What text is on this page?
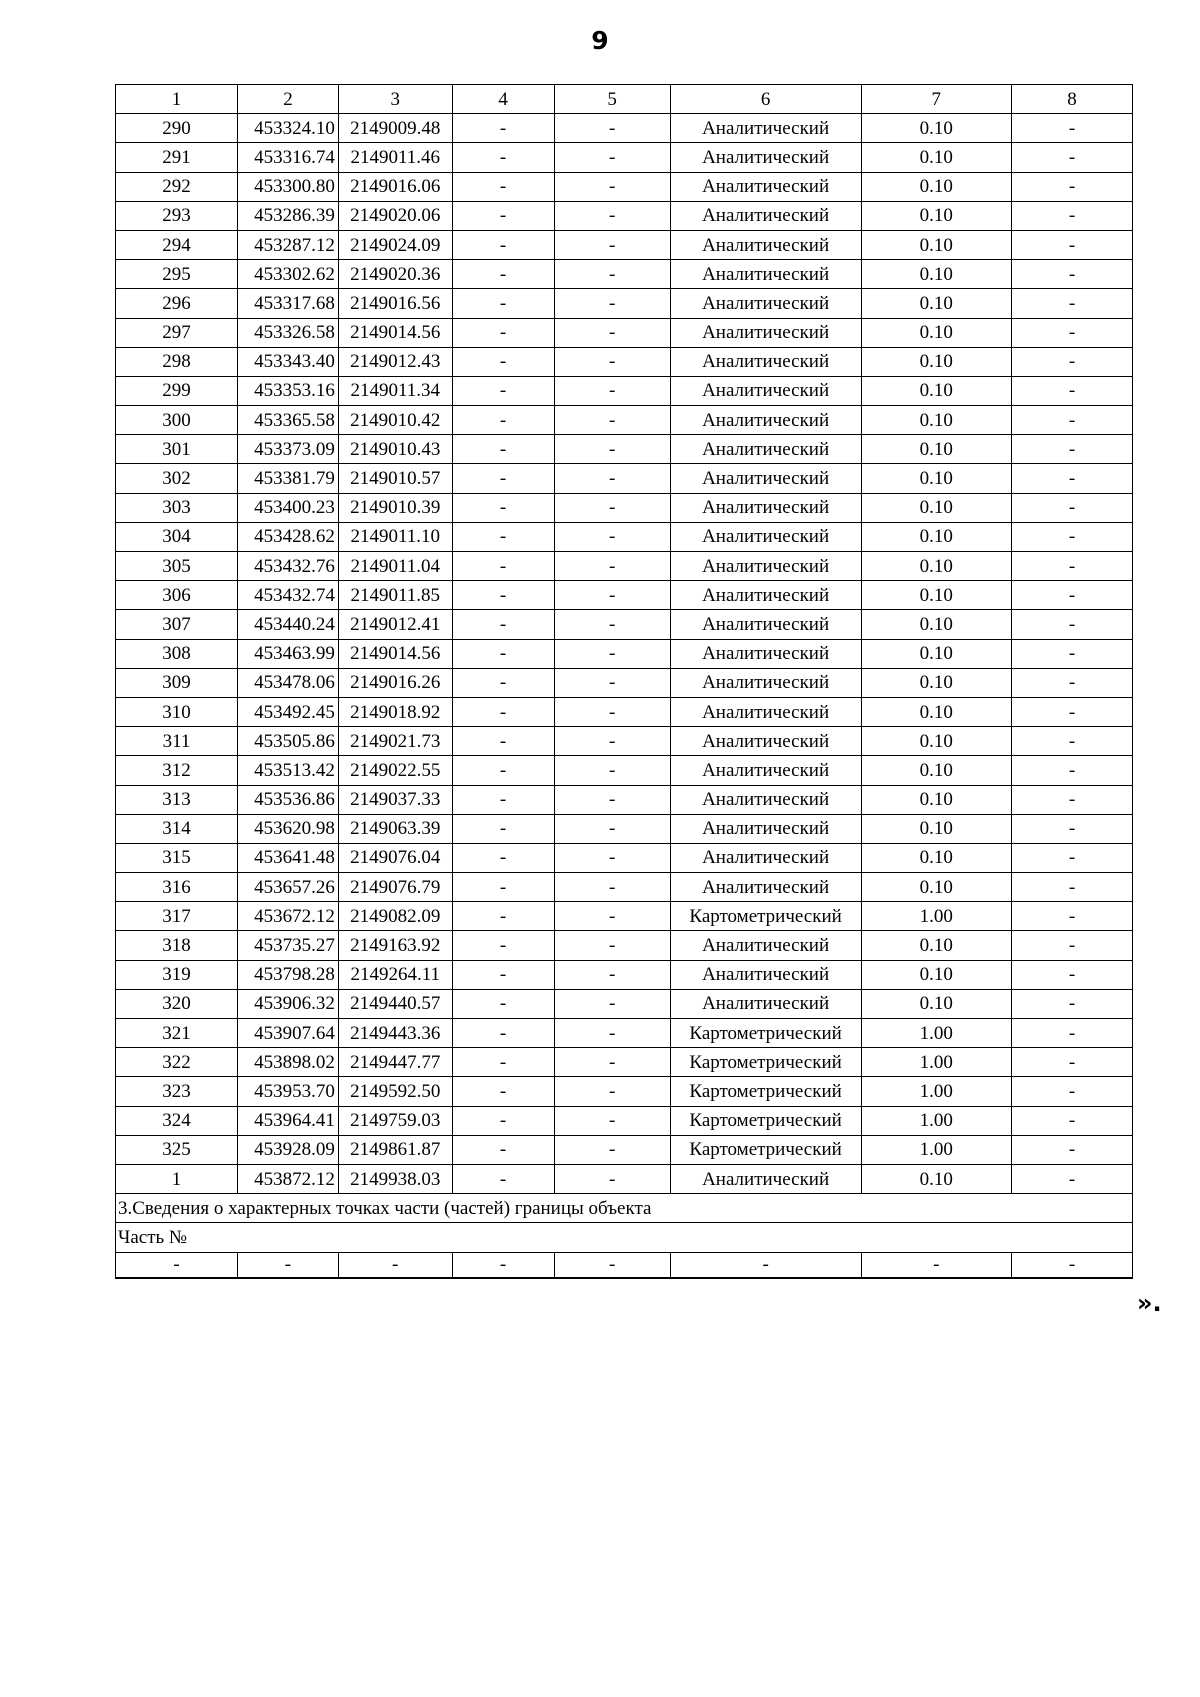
9
1	2	3	4	5	6	7	8
290	453324.10	2149009.48	-	-	Аналитический	0.10	-
291	453316.74	2149011.46	-	-	Аналитический	0.10	-
292	453300.80	2149016.06	-	-	Аналитический	0.10	-
293	453286.39	2149020.06	-	-	Аналитический	0.10	-
294	453287.12	2149024.09	-	-	Аналитический	0.10	-
295	453302.62	2149020.36	-	-	Аналитический	0.10	-
296	453317.68	2149016.56	-	-	Аналитический	0.10	-
297	453326.58	2149014.56	-	-	Аналитический	0.10	-
298	453343.40	2149012.43	-	-	Аналитический	0.10	-
299	453353.16	2149011.34	-	-	Аналитический	0.10	-
300	453365.58	2149010.42	-	-	Аналитический	0.10	-
301	453373.09	2149010.43	-	-	Аналитический	0.10	-
302	453381.79	2149010.57	-	-	Аналитический	0.10	-
303	453400.23	2149010.39	-	-	Аналитический	0.10	-
304	453428.62	2149011.10	-	-	Аналитический	0.10	-
305	453432.76	2149011.04	-	-	Аналитический	0.10	-
306	453432.74	2149011.85	-	-	Аналитический	0.10	-
307	453440.24	2149012.41	-	-	Аналитический	0.10	-
308	453463.99	2149014.56	-	-	Аналитический	0.10	-
309	453478.06	2149016.26	-	-	Аналитический	0.10	-
310	453492.45	2149018.92	-	-	Аналитический	0.10	-
311	453505.86	2149021.73	-	-	Аналитический	0.10	-
312	453513.42	2149022.55	-	-	Аналитический	0.10	-
313	453536.86	2149037.33	-	-	Аналитический	0.10	-
314	453620.98	2149063.39	-	-	Аналитический	0.10	-
315	453641.48	2149076.04	-	-	Аналитический	0.10	-
316	453657.26	2149076.79	-	-	Аналитический	0.10	-
317	453672.12	2149082.09	-	-	Картометрический	1.00	-
318	453735.27	2149163.92	-	-	Аналитический	0.10	-
319	453798.28	2149264.11	-	-	Аналитический	0.10	-
320	453906.32	2149440.57	-	-	Аналитический	0.10	-
321	453907.64	2149443.36	-	-	Картометрический	1.00	-
322	453898.02	2149447.77	-	-	Картометрический	1.00	-
323	453953.70	2149592.50	-	-	Картометрический	1.00	-
324	453964.41	2149759.03	-	-	Картометрический	1.00	-
325	453928.09	2149861.87	-	-	Картометрический	1.00	-
1	453872.12	2149938.03	-	-	Аналитический	0.10	-
3.Сведения о характерных точках части (частей) границы объекта							
Часть №							
-	-	-	-	-	-	-	-
».
